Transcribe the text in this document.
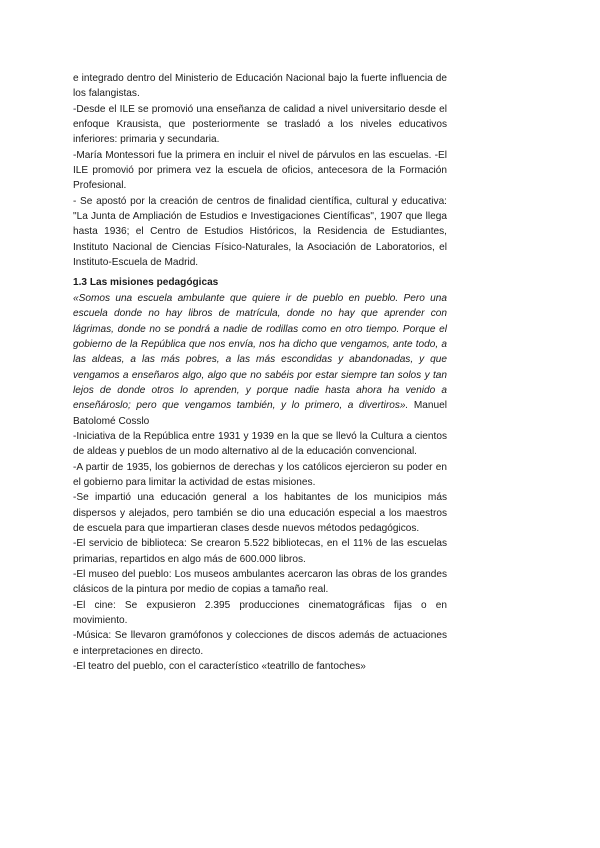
e integrado dentro del Ministerio de Educación Nacional bajo la fuerte influencia de los falangistas.

-Desde el ILE se promovió una enseñanza de calidad a nivel universitario desde el enfoque Krausista, que posteriormente se trasladó a los niveles educativos inferiores: primaria y secundaria.

-María Montessori fue la primera en incluir el nivel de párvulos en las escuelas. -El ILE promovió por primera vez la escuela de oficios, antecesora de la Formación Profesional.

- Se apostó por la creación de centros de finalidad científica, cultural y educativa: "La Junta de Ampliación de Estudios e Investigaciones Científicas", 1907 que llega hasta 1936; el Centro de Estudios Históricos, la Residencia de Estudiantes, Instituto Nacional de Ciencias Físico-Naturales, la Asociación de Laboratorios, el Instituto-Escuela de Madrid.

1.3 Las misiones pedagógicas

«Somos una escuela ambulante que quiere ir de pueblo en pueblo. Pero una escuela donde no hay libros de matrícula, donde no hay que aprender con lágrimas, donde no se pondrá a nadie de rodillas como en otro tiempo. Porque el gobierno de la República que nos envía, nos ha dicho que vengamos, ante todo, a las aldeas, a las más pobres, a las más escondidas y abandonadas, y que vengamos a enseñaros algo, algo que no sabéis por estar siempre tan solos y tan lejos de donde otros lo aprenden, y porque nadie hasta ahora ha venido a enseñároslo; pero que vengamos también, y lo primero, a divertiros». Manuel Batolomé Cosslo

-Iniciativa de la República entre 1931 y 1939 en la que se llevó la Cultura a cientos de aldeas y pueblos de un modo alternativo al de la educación convencional.

-A partir de 1935, los gobiernos de derechas y los católicos ejercieron su poder en el gobierno para limitar la actividad de estas misiones.

-Se impartió una educación general a los habitantes de los municipios más dispersos y alejados, pero también se dio una educación especial a los maestros de escuela para que impartieran clases desde nuevos métodos pedagógicos.

-El servicio de biblioteca: Se crearon 5.522 bibliotecas, en el 11% de las escuelas primarias, repartidos en algo más de 600.000 libros.

-El museo del pueblo: Los museos ambulantes acercaron las obras de los grandes clásicos de la pintura por medio de copias a tamaño real.

-El cine: Se expusieron 2.395 producciones cinematográficas fijas o en movimiento.

-Música: Se llevaron gramófonos y colecciones de discos además de actuaciones e interpretaciones en directo.

-El teatro del pueblo, con el característico «teatrillo de fantoches»
